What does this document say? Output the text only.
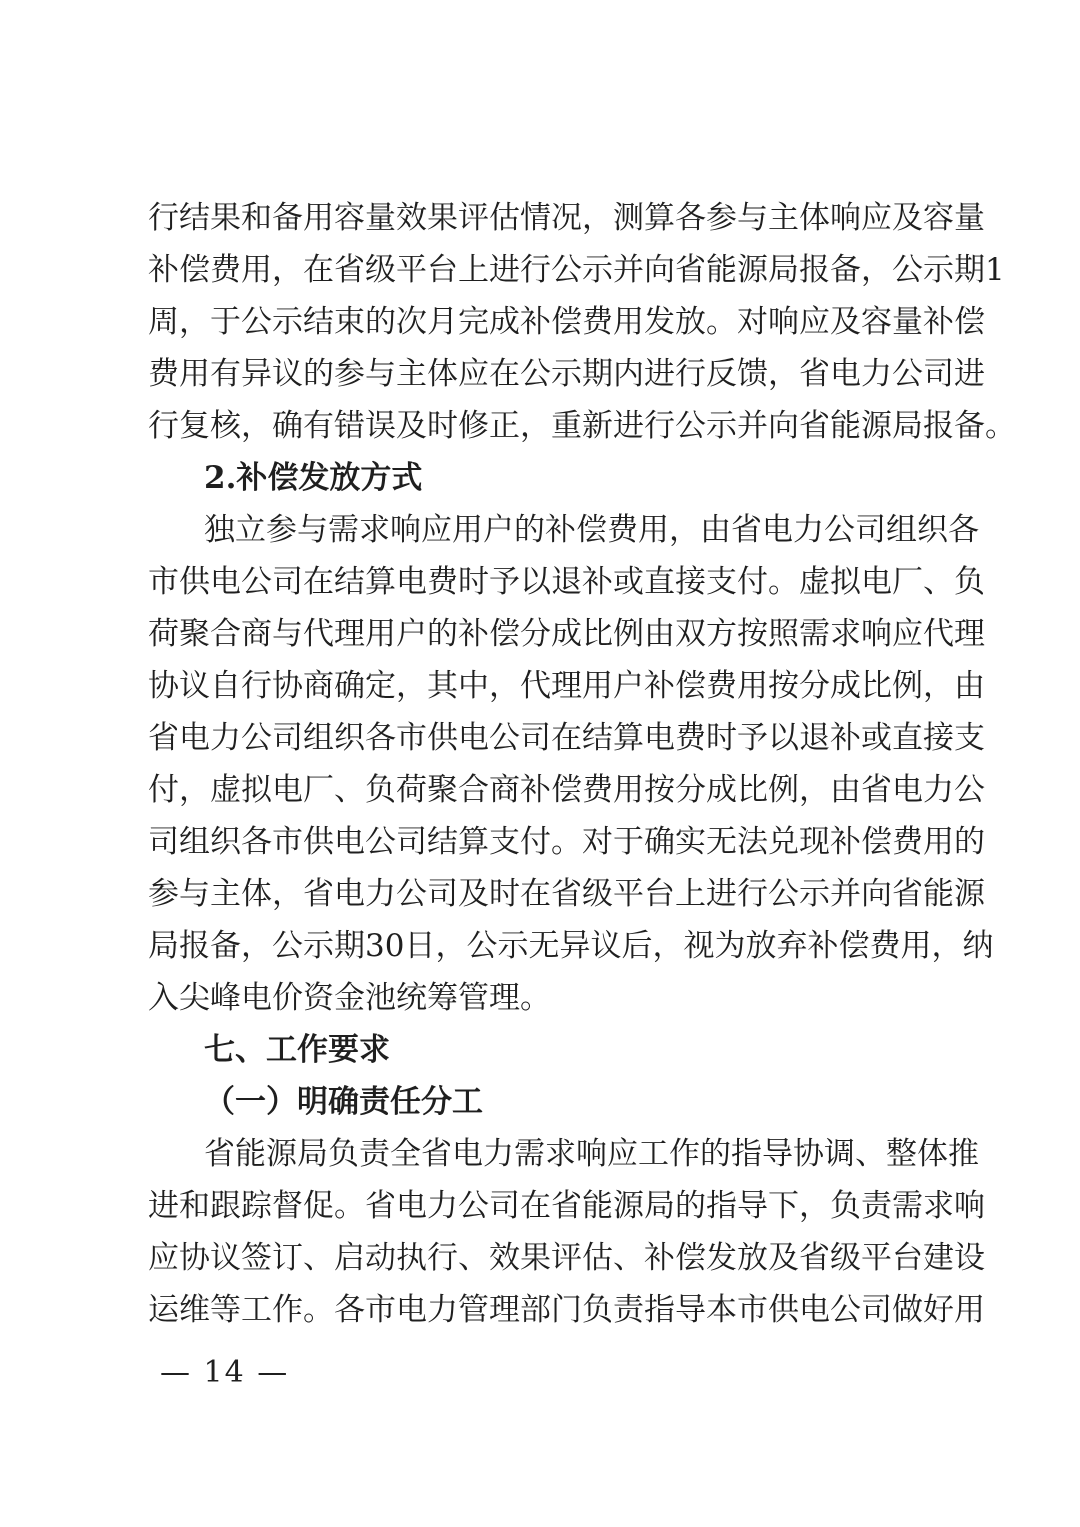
行结果和备用容量效果评估情况，测算各参与主体响应及容量
补偿费用，在省级平台上进行公示并向省能源局报备，公示期1
周，于公示结束的次月完成补偿费用发放。对响应及容量补偿
费用有异议的参与主体应在公示期内进行反馈，省电力公司进
行复核，确有错误及时修正，重新进行公示并向省能源局报备。
2.补偿发放方式
独立参与需求响应用户的补偿费用，由省电力公司组织各
市供电公司在结算电费时予以退补或直接支付。虚拟电厂、负
荷聚合商与代理用户的补偿分成比例由双方按照需求响应代理
协议自行协商确定，其中，代理用户补偿费用按分成比例，由
省电力公司组织各市供电公司在结算电费时予以退补或直接支
付，虚拟电厂、负荷聚合商补偿费用按分成比例，由省电力公
司组织各市供电公司结算支付。对于确实无法兑现补偿费用的
参与主体，省电力公司及时在省级平台上进行公示并向省能源
局报备，公示期30日，公示无异议后，视为放弃补偿费用，纳
入尖峰电价资金池统筹管理。
七、工作要求
（一）明确责任分工
省能源局负责全省电力需求响应工作的指导协调、整体推
进和跟踪督促。省电力公司在省能源局的指导下，负责需求响
应协议签订、启动执行、效果评估、补偿发放及省级平台建设
运维等工作。各市电力管理部门负责指导本市供电公司做好用
— 14 —
